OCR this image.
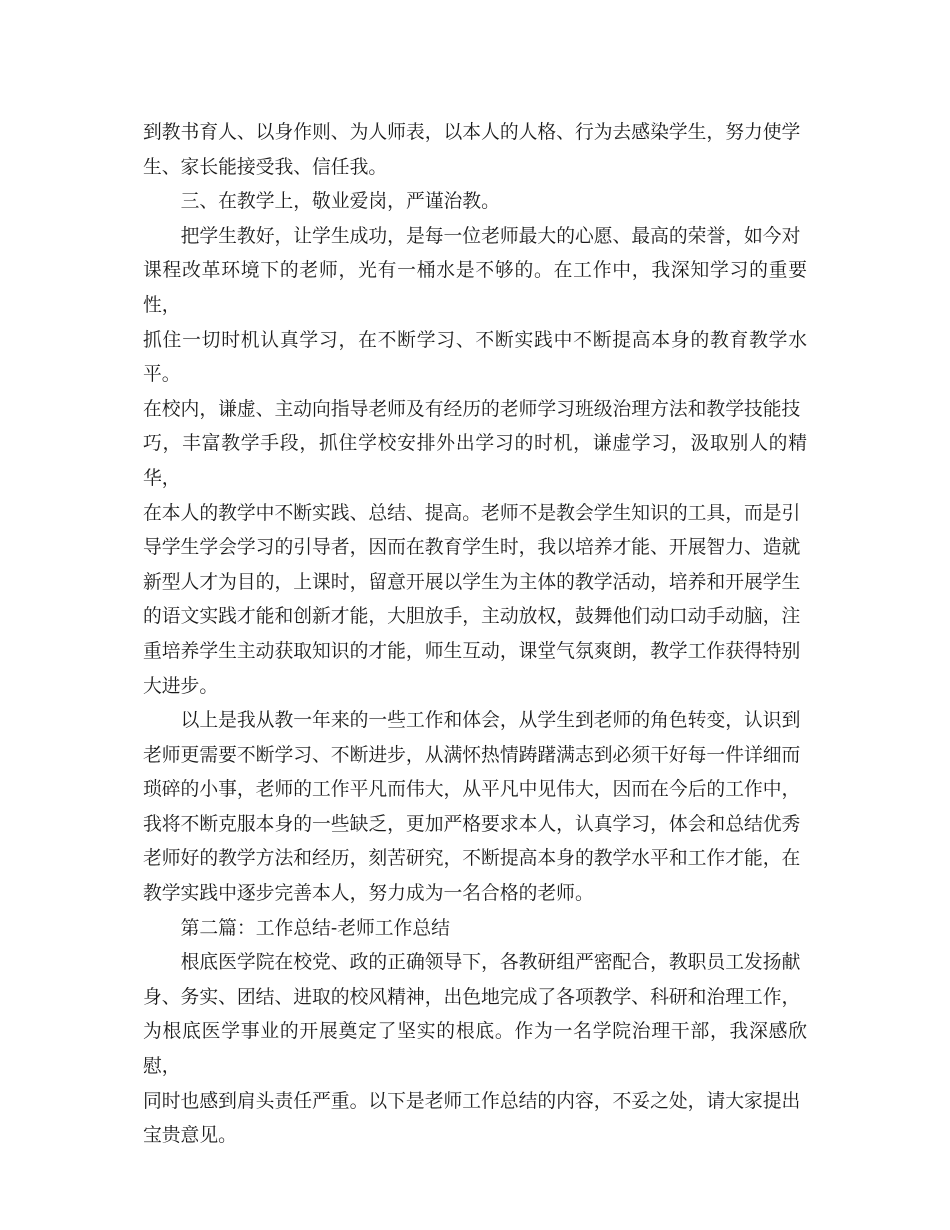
到教书育人、以身作则、为人师表，以本人的人格、行为去感染学生，努力使学
生、家长能接受我、信任我。

三、在教学上，敬业爱岗，严谨治教。

把学生教好，让学生成功，是每一位老师最大的心愿、最高的荣誉，如今对
课程改革环境下的老师，光有一桶水是不够的。在工作中，我深知学习的重要性，
抓住一切时机认真学习，在不断学习、不断实践中不断提高本身的教育教学水平。
在校内，谦虚、主动向指导老师及有经历的老师学习班级治理方法和教学技能技
巧，丰富教学手段，抓住学校安排外出学习的时机，谦虚学习，汲取别人的精华，
在本人的教学中不断实践、总结、提高。老师不是教会学生知识的工具，而是引
导学生学会学习的引导者，因而在教育学生时，我以培养才能、开展智力、造就
新型人才为目的，上课时，留意开展以学生为主体的教学活动，培养和开展学生
的语文实践才能和创新才能，大胆放手，主动放权，鼓舞他们动口动手动脑，注
重培养学生主动获取知识的才能，师生互动，课堂气氛爽朗，教学工作获得特别
大进步。

以上是我从教一年来的一些工作和体会，从学生到老师的角色转变，认识到
老师更需要不断学习、不断进步，从满怀热情踌躇满志到必须干好每一件详细而
琐碎的小事，老师的工作平凡而伟大，从平凡中见伟大，因而在今后的工作中，
我将不断克服本身的一些缺乏，更加严格要求本人，认真学习，体会和总结优秀
老师好的教学方法和经历，刻苦研究，不断提高本身的教学水平和工作才能，在
教学实践中逐步完善本人，努力成为一名合格的老师。

第二篇：工作总结-老师工作总结

根底医学院在校党、政的正确领导下，各教研组严密配合，教职员工发扬献
身、务实、团结、进取的校风精神，出色地完成了各项教学、科研和治理工作，
为根底医学事业的开展奠定了坚实的根底。作为一名学院治理干部，我深感欣慰，
同时也感到肩头责任严重。以下是老师工作总结的内容，不妥之处，请大家提出
宝贵意见。
